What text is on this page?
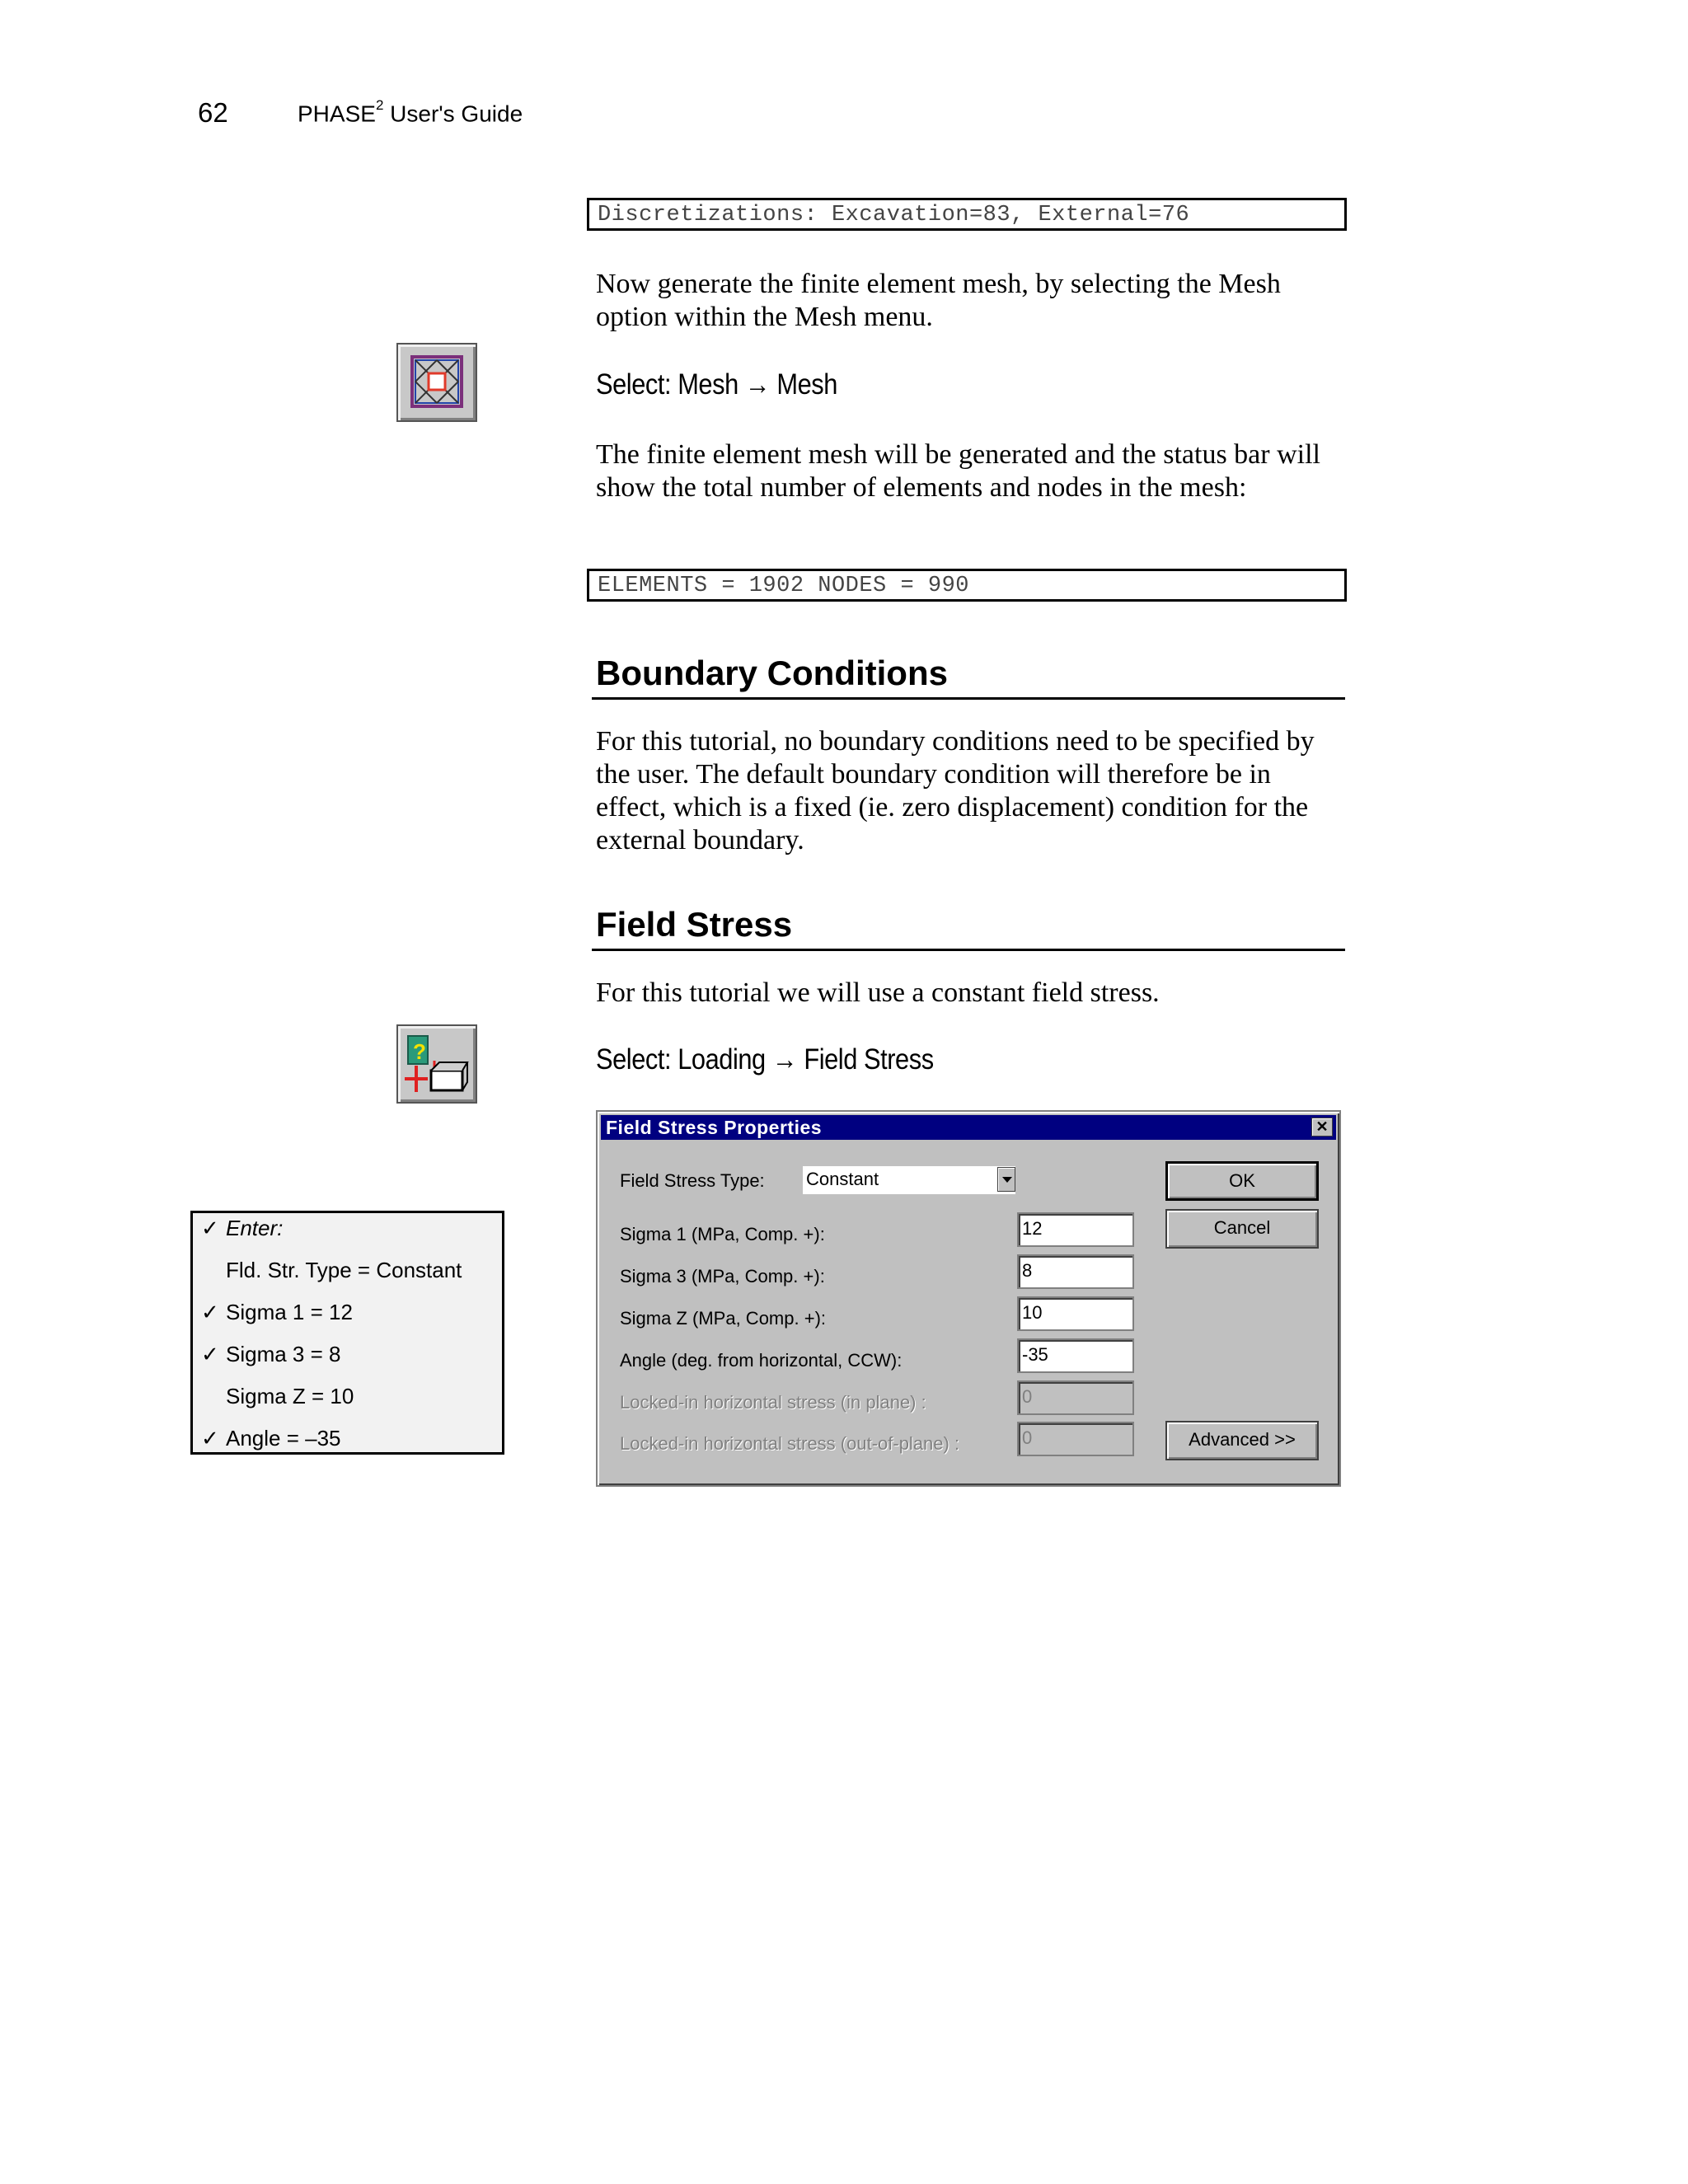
62	PHASE$^2$ User's Guide
Discretizations: Excavation=83, External=76
Now generate the finite element mesh, by selecting the Mesh option within the Mesh menu.
Select: Mesh → Mesh
The finite element mesh will be generated and the status bar will show the total number of elements and nodes in the mesh:
ELEMENTS = 1902 NODES = 990
Boundary Conditions
For this tutorial, no boundary conditions need to be specified by the user. The default boundary condition will therefore be in effect, which is a fixed (ie. zero displacement) condition for the external boundary.
Field Stress
For this tutorial we will use a constant field stress.
?	Select: Loading → Field Stress
✓ Enter:
Fld. Str. Type = Constant
✓ Sigma 1 = 12
✓ Sigma 3 = 8
Sigma Z = 10
✓ Angle = –35
Field Stress Properties	✕
Field Stress Type: Constant	OK
Cancel
Sigma 1 (MPa, Comp. +):	12
Sigma 3 (MPa, Comp. +):	8
Sigma Z (MPa, Comp. +):	10
Angle (deg. from horizontal, CCW):	-35
Locked-in horizontal stress (in plane) :	0
Locked-in horizontal stress (out-of-plane) :	0	Advanced >>
